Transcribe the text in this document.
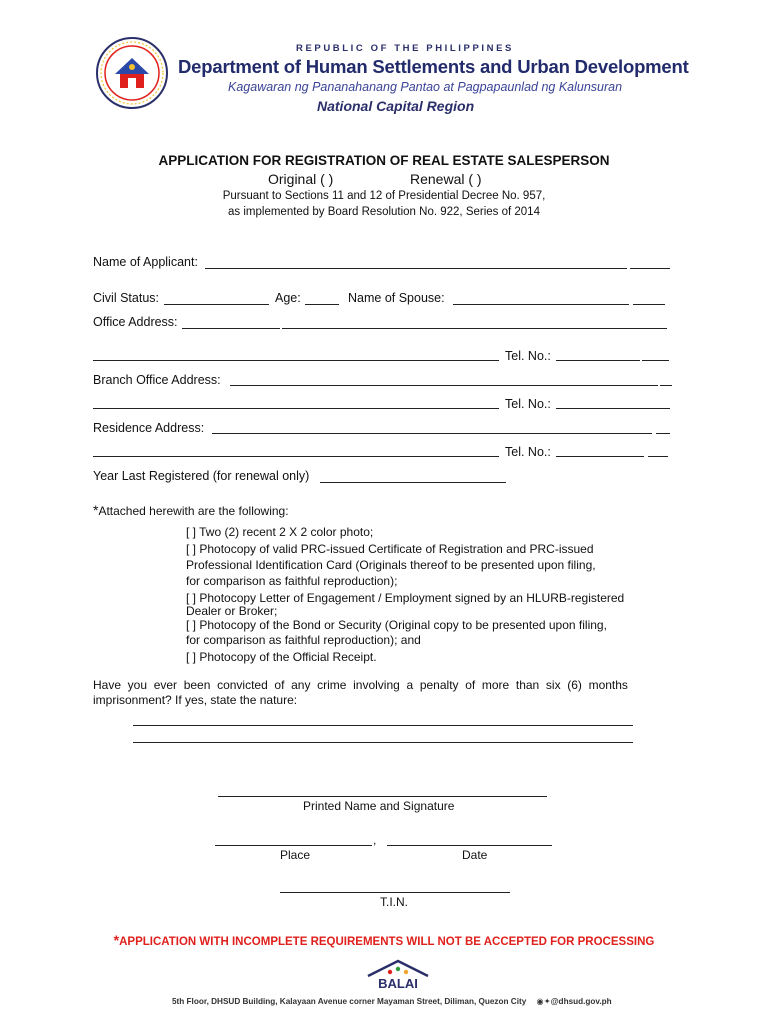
REPUBLIC OF THE PHILIPPINES
Department of Human Settlements and Urban Development
Kagawaran ng Pananahanang Pantao at Pagpapaunlad ng Kalunsuran
National Capital Region
APPLICATION FOR REGISTRATION OF REAL ESTATE SALESPERSON
Original ( )	Renewal ( )
Pursuant to Sections 11 and 12 of Presidential Decree No. 957,
as implemented by Board Resolution No. 922, Series of 2014
Name of Applicant:
Civil Status:	Age:	Name of Spouse:
Office Address:
Tel. No.:
Branch Office Address:
Tel. No.:
Residence Address:
Tel. No.:
Year Last Registered (for renewal only)
*Attached herewith are the following:
[ ] Two (2) recent 2 X 2 color photo;
[ ] Photocopy of valid PRC-issued Certificate of Registration and PRC-issued
Professional Identification Card (Originals thereof to be presented upon filing,
for comparison as faithful reproduction);
[ ] Photocopy Letter of Engagement / Employment signed by an HLURB-registered
Dealer or Broker;
[ ] Photocopy of the Bond or Security (Original copy to be presented upon filing,
for comparison as faithful reproduction); and
[ ] Photocopy of the Official Receipt.
Have  you  ever  been  convicted  of  any  crime  involving  a  penalty  of  more  than  six  (6)  months
imprisonment? If yes, state the nature:
Printed Name and Signature
,
Place	Date
T.I.N.
*APPLICATION WITH INCOMPLETE REQUIREMENTS WILL NOT BE ACCEPTED FOR PROCESSING
BALAI
5th Floor, DHSUD Building, Kalayaan Avenue corner Mayaman Street, Diliman, Quezon City ◉✦@dhsud.gov.ph
